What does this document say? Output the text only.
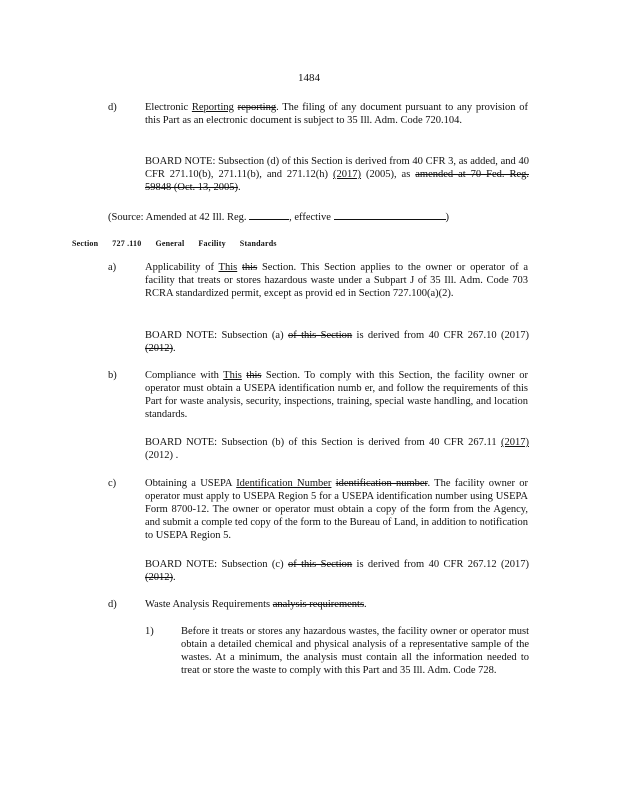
1484
d)	Electronic Reporting reporting. The filing of any document pursuant to any provision of this Part as an electronic document is subject to 35 Ill. Adm. Code 720.104.
BOARD NOTE: Subsection (d) of this Section is derived from 40 CFR 3, as added, and 40 CFR 271.10(b), 271.11(b), and 271.12(h) (2017) (2005), as amended at 70 Fed. Reg. 59848 (Oct. 13, 2005).
(Source: Amended at 42 Ill. Reg.	, effective	)
Section 727 .110 General Facility Standards
a)	Applicability of This this Section. This Section applies to the owner or operator of a facility that treats or stores hazardous waste under a Subpart J of 35 Ill. Adm. Code 703 RCRA standardized permit, except as provid ed in Section 727.100(a)(2).
BOARD NOTE: Subsection (a) of this Section is derived from 40 CFR 267.10 (2017) (2012).
b)	Compliance with This this Section. To comply with this Section, the facility owner or operator must obtain a USEPA identification numb er, and follow the requirements of this Part for waste analysis, security, inspections, training, special waste handling, and location standards.
BOARD NOTE: Subsection (b) of this Section is derived from 40 CFR 267.11 (2017) (2012) .
c)	Obtaining a USEPA Identification Number identification number. The facility owner or operator must apply to USEPA Region 5 for a USEPA identification number using USEPA Form 8700-12. The owner or operator must obtain a copy of the form from the Agency, and submit a comple ted copy of the form to the Bureau of Land, in addition to notification to USEPA Region 5.
BOARD NOTE: Subsection (c) of this Section is derived from 40 CFR 267.12 (2017) (2012).
d)	Waste Analysis Requirements analysis requirements.
1)	Before it treats or stores any hazardous wastes, the facility owner or operator must obtain a detailed chemical and physical analysis of a representative sample of the wastes. At a minimum, the analysis must contain all the information needed to treat or store the waste to comply with this Part and 35 Ill. Adm. Code 728.
